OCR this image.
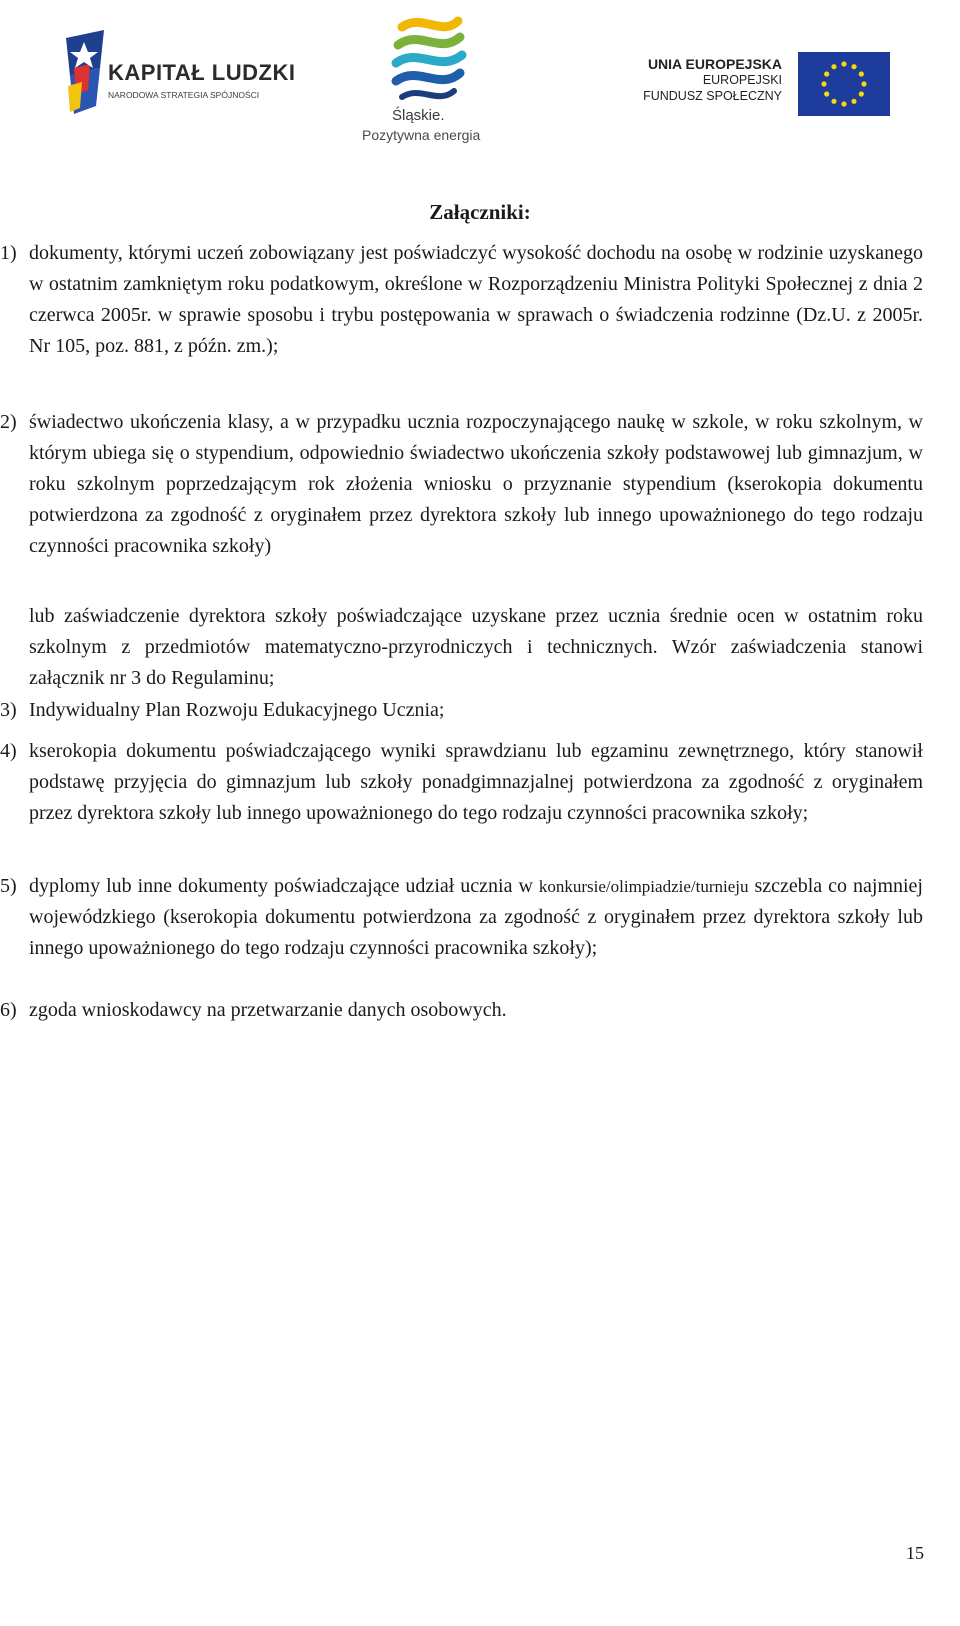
KAPITAŁ LUDZKI
NARODOWA STRATEGIA SPÓJNOŚCI
Śląskie.
Pozytywna energia
UNIA EUROPEJSKA
EUROPEJSKI
FUNDUSZ SPOŁECZNY
Załączniki:
1) dokumenty, którymi uczeń zobowiązany jest poświadczyć wysokość dochodu na osobę w rodzinie uzyskanego w ostatnim zamkniętym roku podatkowym, określone w Rozporządzeniu Ministra Polityki Społecznej z dnia 2 czerwca 2005r. w sprawie sposobu i trybu postępowania w sprawach o świadczenia rodzinne (Dz.U. z 2005r. Nr 105, poz. 881, z późn. zm.);
2) świadectwo ukończenia klasy, a w przypadku ucznia rozpoczynającego naukę w szkole, w roku szkolnym, w którym ubiega się o stypendium, odpowiednio świadectwo ukończenia szkoły podstawowej lub gimnazjum, w roku szkolnym poprzedzającym rok złożenia wniosku o przyznanie stypendium (kserokopia dokumentu potwierdzona za zgodność z oryginałem przez dyrektora szkoły lub innego upoważnionego do tego rodzaju czynności pracownika szkoły)
lub zaświadczenie dyrektora szkoły poświadczające uzyskane przez ucznia średnie ocen w ostatnim roku szkolnym z przedmiotów matematyczno-przyrodniczych i technicznych. Wzór zaświadczenia stanowi załącznik nr 3 do Regulaminu;
3) Indywidualny Plan Rozwoju Edukacyjnego Ucznia;
4) kserokopia dokumentu poświadczającego wyniki sprawdzianu lub egzaminu zewnętrznego, który stanowił podstawę przyjęcia do gimnazjum lub szkoły ponadgimnazjalnej potwierdzona za zgodność z oryginałem przez dyrektora szkoły lub innego upoważnionego do tego rodzaju czynności pracownika szkoły;
5) dyplomy lub inne dokumenty poświadczające udział ucznia w konkursie/olimpiadzie/turnieju szczebla co najmniej wojewódzkiego (kserokopia dokumentu potwierdzona za zgodność z oryginałem przez dyrektora szkoły lub innego upoważnionego do tego rodzaju czynności pracownika szkoły);
6) zgoda wnioskodawcy na przetwarzanie danych osobowych.
15
